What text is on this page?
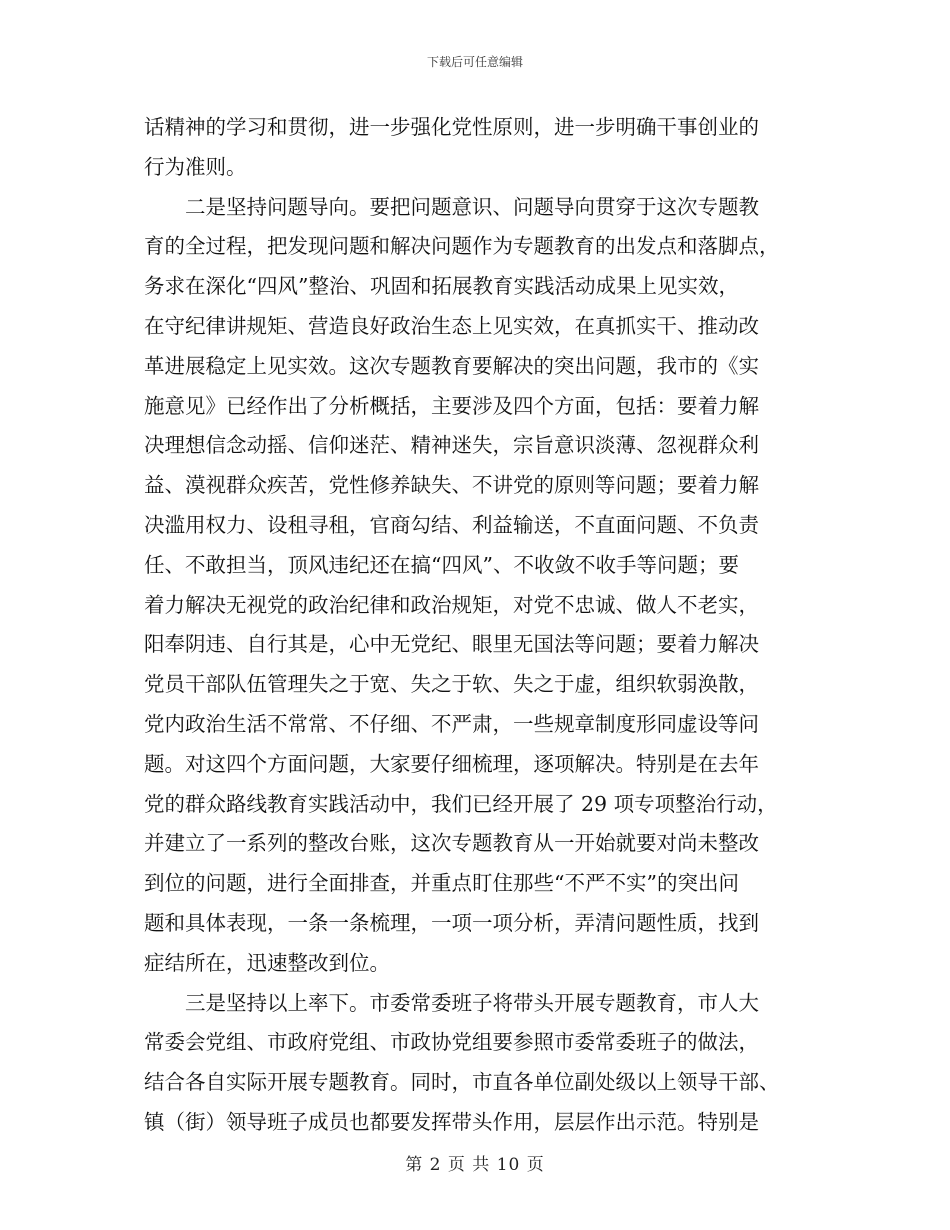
下载后可任意编辑
话精神的学习和贯彻，进一步强化党性原则，进一步明确干事创业的
行为准则。
二是坚持问题导向。要把问题意识、问题导向贯穿于这次专题教
育的全过程，把发现问题和解决问题作为专题教育的出发点和落脚点，
务求在深化“四风”整治、巩固和拓展教育实践活动成果上见实效，
在守纪律讲规矩、营造良好政治生态上见实效，在真抓实干、推动改
革进展稳定上见实效。这次专题教育要解决的突出问题，我市的《实
施意见》已经作出了分析概括，主要涉及四个方面，包括：要着力解
决理想信念动摇、信仰迷茫、精神迷失，宗旨意识淡薄、忽视群众利
益、漠视群众疾苦，党性修养缺失、不讲党的原则等问题；要着力解
决滥用权力、设租寻租，官商勾结、利益输送，不直面问题、不负责
任、不敢担当，顶风违纪还在搞“四风”、不收敛不收手等问题；要
着力解决无视党的政治纪律和政治规矩，对党不忠诚、做人不老实，
阳奉阴违、自行其是，心中无党纪、眼里无国法等问题；要着力解决
党员干部队伍管理失之于宽、失之于软、失之于虚，组织软弱涣散，
党内政治生活不常常、不仔细、不严肃，一些规章制度形同虚设等问
题。对这四个方面问题，大家要仔细梳理，逐项解决。特别是在去年
党的群众路线教育实践活动中，我们已经开展了 29 项专项整治行动，
并建立了一系列的整改台账，这次专题教育从一开始就要对尚未整改
到位的问题，进行全面排查，并重点盯住那些“不严不实”的突出问
题和具体表现，一条一条梳理，一项一项分析，弄清问题性质，找到
症结所在，迅速整改到位。
三是坚持以上率下。市委常委班子将带头开展专题教育，市人大
常委会党组、市政府党组、市政协党组要参照市委常委班子的做法，
结合各自实际开展专题教育。同时，市直各单位副处级以上领导干部、
镇（街）领导班子成员也都要发挥带头作用，层层作出示范。特别是
第 2 页 共 10 页
